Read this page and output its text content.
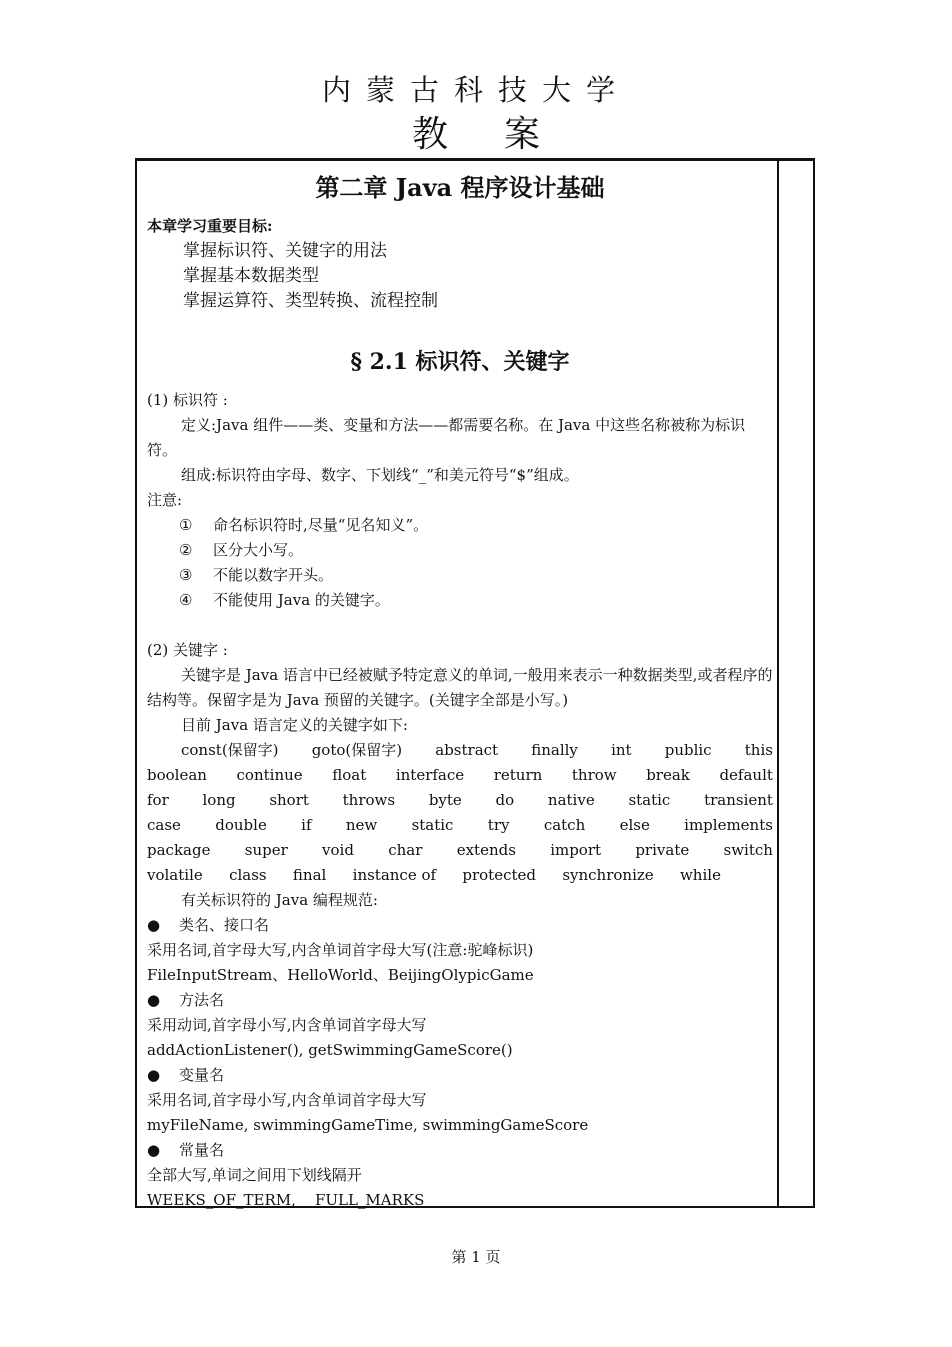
内蒙古科技大学
教 案
第二章 Java 程序设计基础
本章学习重要目标:
掌握标识符、关键字的用法
掌握基本数据类型
掌握运算符、类型转换、流程控制
§ 2.1 标识符、关键字

(1) 标识符 :

定义:Java 组件——类、变量和方法——都需要名称。在 Java 中这些名称被称为标识符。

组成:标识符由字母、数字、下划线“_”和美元符号“$”组成。

注意:

① 命名标识符时,尽量“见名知义”。
② 区分大小写。
③ 不能以数字开头。
④ 不能使用 Java 的关键字。

(2) 关键字 :

关键字是 Java 语言中已经被赋予特定意义的单词,一般用来表示一种数据类型,或者程序的结构等。保留字是为 Java 预留的关键字。(关键字全部是小写。)

目前 Java 语言定义的关键字如下:

const(保留字) goto(保留字) abstract finally int public this
boolean continue float interface return throw break default
for long short throws byte do native static transient
case double if new static try catch else implements
package super void char extends import private switch
volatile class final instance of protected synchronize while

有关标识符的 Java 编程规范:

● 类名、接口名

采用名词,首字母大写,内含单词首字母大写(注意:驼峰标识)

FileInputStream、HelloWorld、BeijingOlypicGame

● 方法名

采用动词,首字母小写,内含单词首字母大写

addActionListener(), getSwimmingGameScore()

● 变量名

采用名词,首字母小写,内含单词首字母大写

myFileName, swimmingGameTime, swimmingGameScore

● 常量名

全部大写,单词之间用下划线隔开

WEEKS_OF_TERM,    FULL_MARKS

第 1 页
